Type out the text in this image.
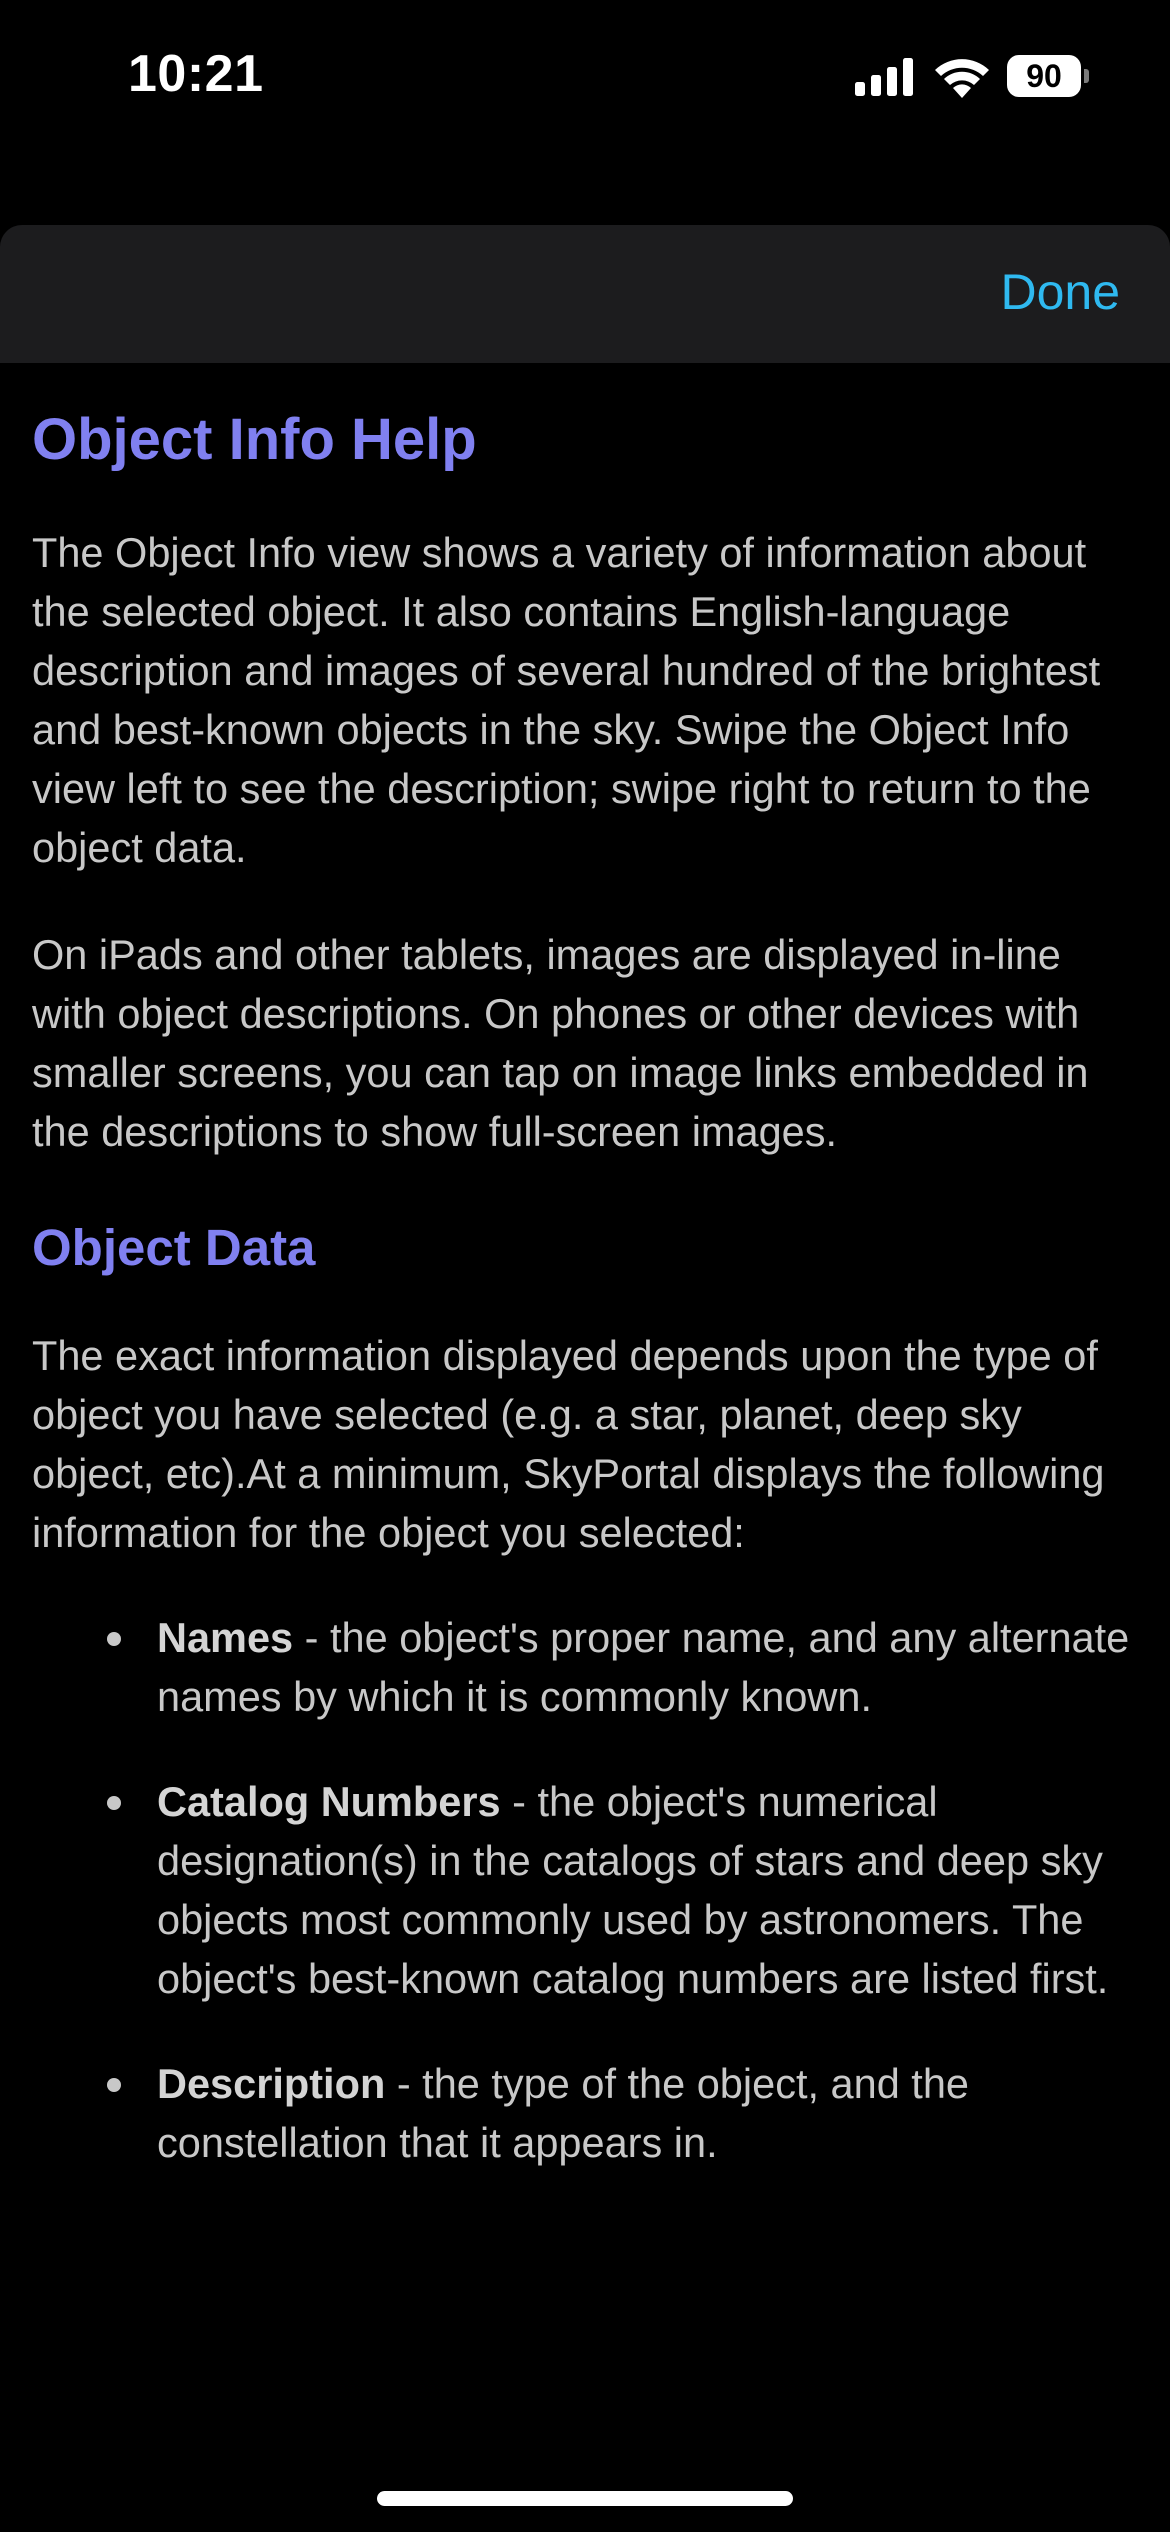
10:21	90
Done
Object Info Help

The Object Info view shows a variety of information about the selected object. It also contains English-language description and images of several hundred of the brightest and best-known objects in the sky. Swipe the Object Info view left to see the description; swipe right to return to the object data.

On iPads and other tablets, images are displayed in-line with object descriptions. On phones or other devices with smaller screens, you can tap on image links embedded in the descriptions to show full-screen images.

Object Data

The exact information displayed depends upon the type of object you have selected (e.g. a star, planet, deep sky object, etc).At a minimum, SkyPortal displays the following information for the object you selected:

Names - the object's proper name, and any alternate names by which it is commonly known.
Catalog Numbers - the object's numerical designation(s) in the catalogs of stars and deep sky objects most commonly used by astronomers. The object's best-known catalog numbers are listed first.
Description - the type of the object, and the constellation that it appears in.
